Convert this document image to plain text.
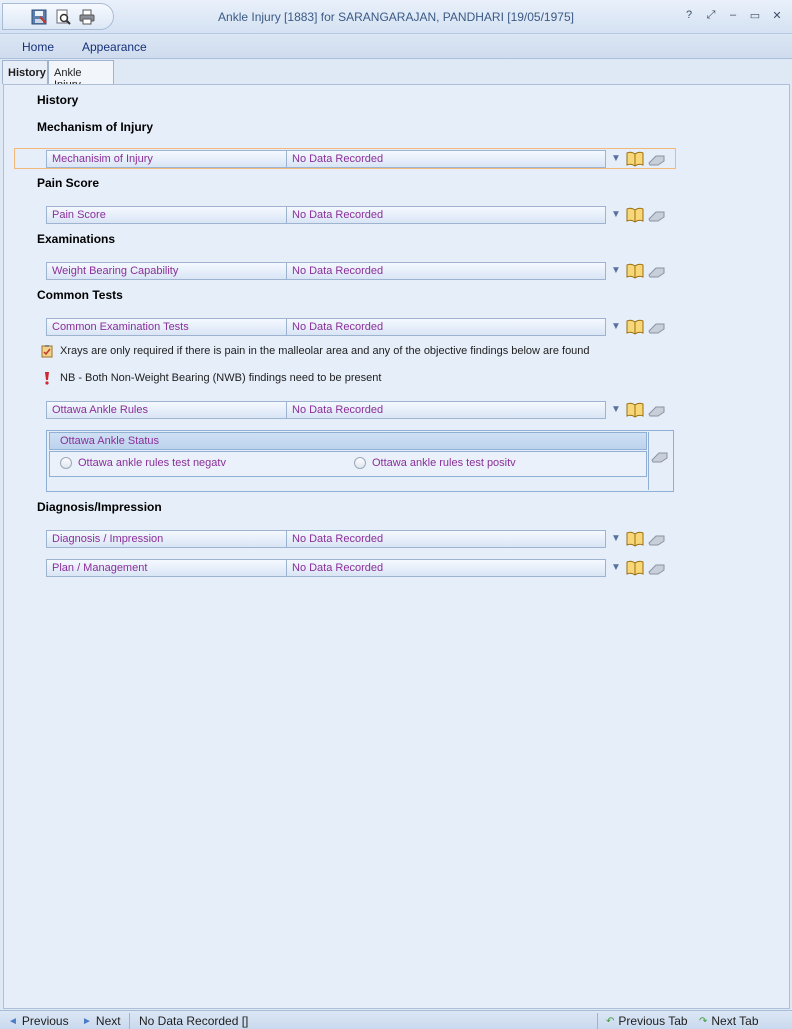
Ankle Injury [1883] for SARANGARAJAN, PANDHARI [19/05/1975]	?	⤢	–	▭	✕
Home Appearance
History Ankle
History
Mechanism of Injury
Mechanisim of Injury	No Data Recorded	▼
Pain Score
Pain Score	No Data Recorded	▼
Examinations
Weight Bearing Capability	No Data Recorded	▼
Common Tests
Common Examination Tests	No Data Recorded	▼
Xrays are only required if there is pain in the malleolar area and any of the objective findings below are found
NB - Both Non-Weight Bearing (NWB) findings need to be present
Ottawa Ankle Rules	No Data Recorded	▼
Ottawa Ankle Status
Ottawa ankle rules test negatv	Ottawa ankle rules test positv
Diagnosis/Impression
Diagnosis / Impression	No Data Recorded	▼
Plan / Management	No Data Recorded	▼
◄ Previous ► Next No Data Recorded []	↶ Previous Tab ↷ Next Tab
